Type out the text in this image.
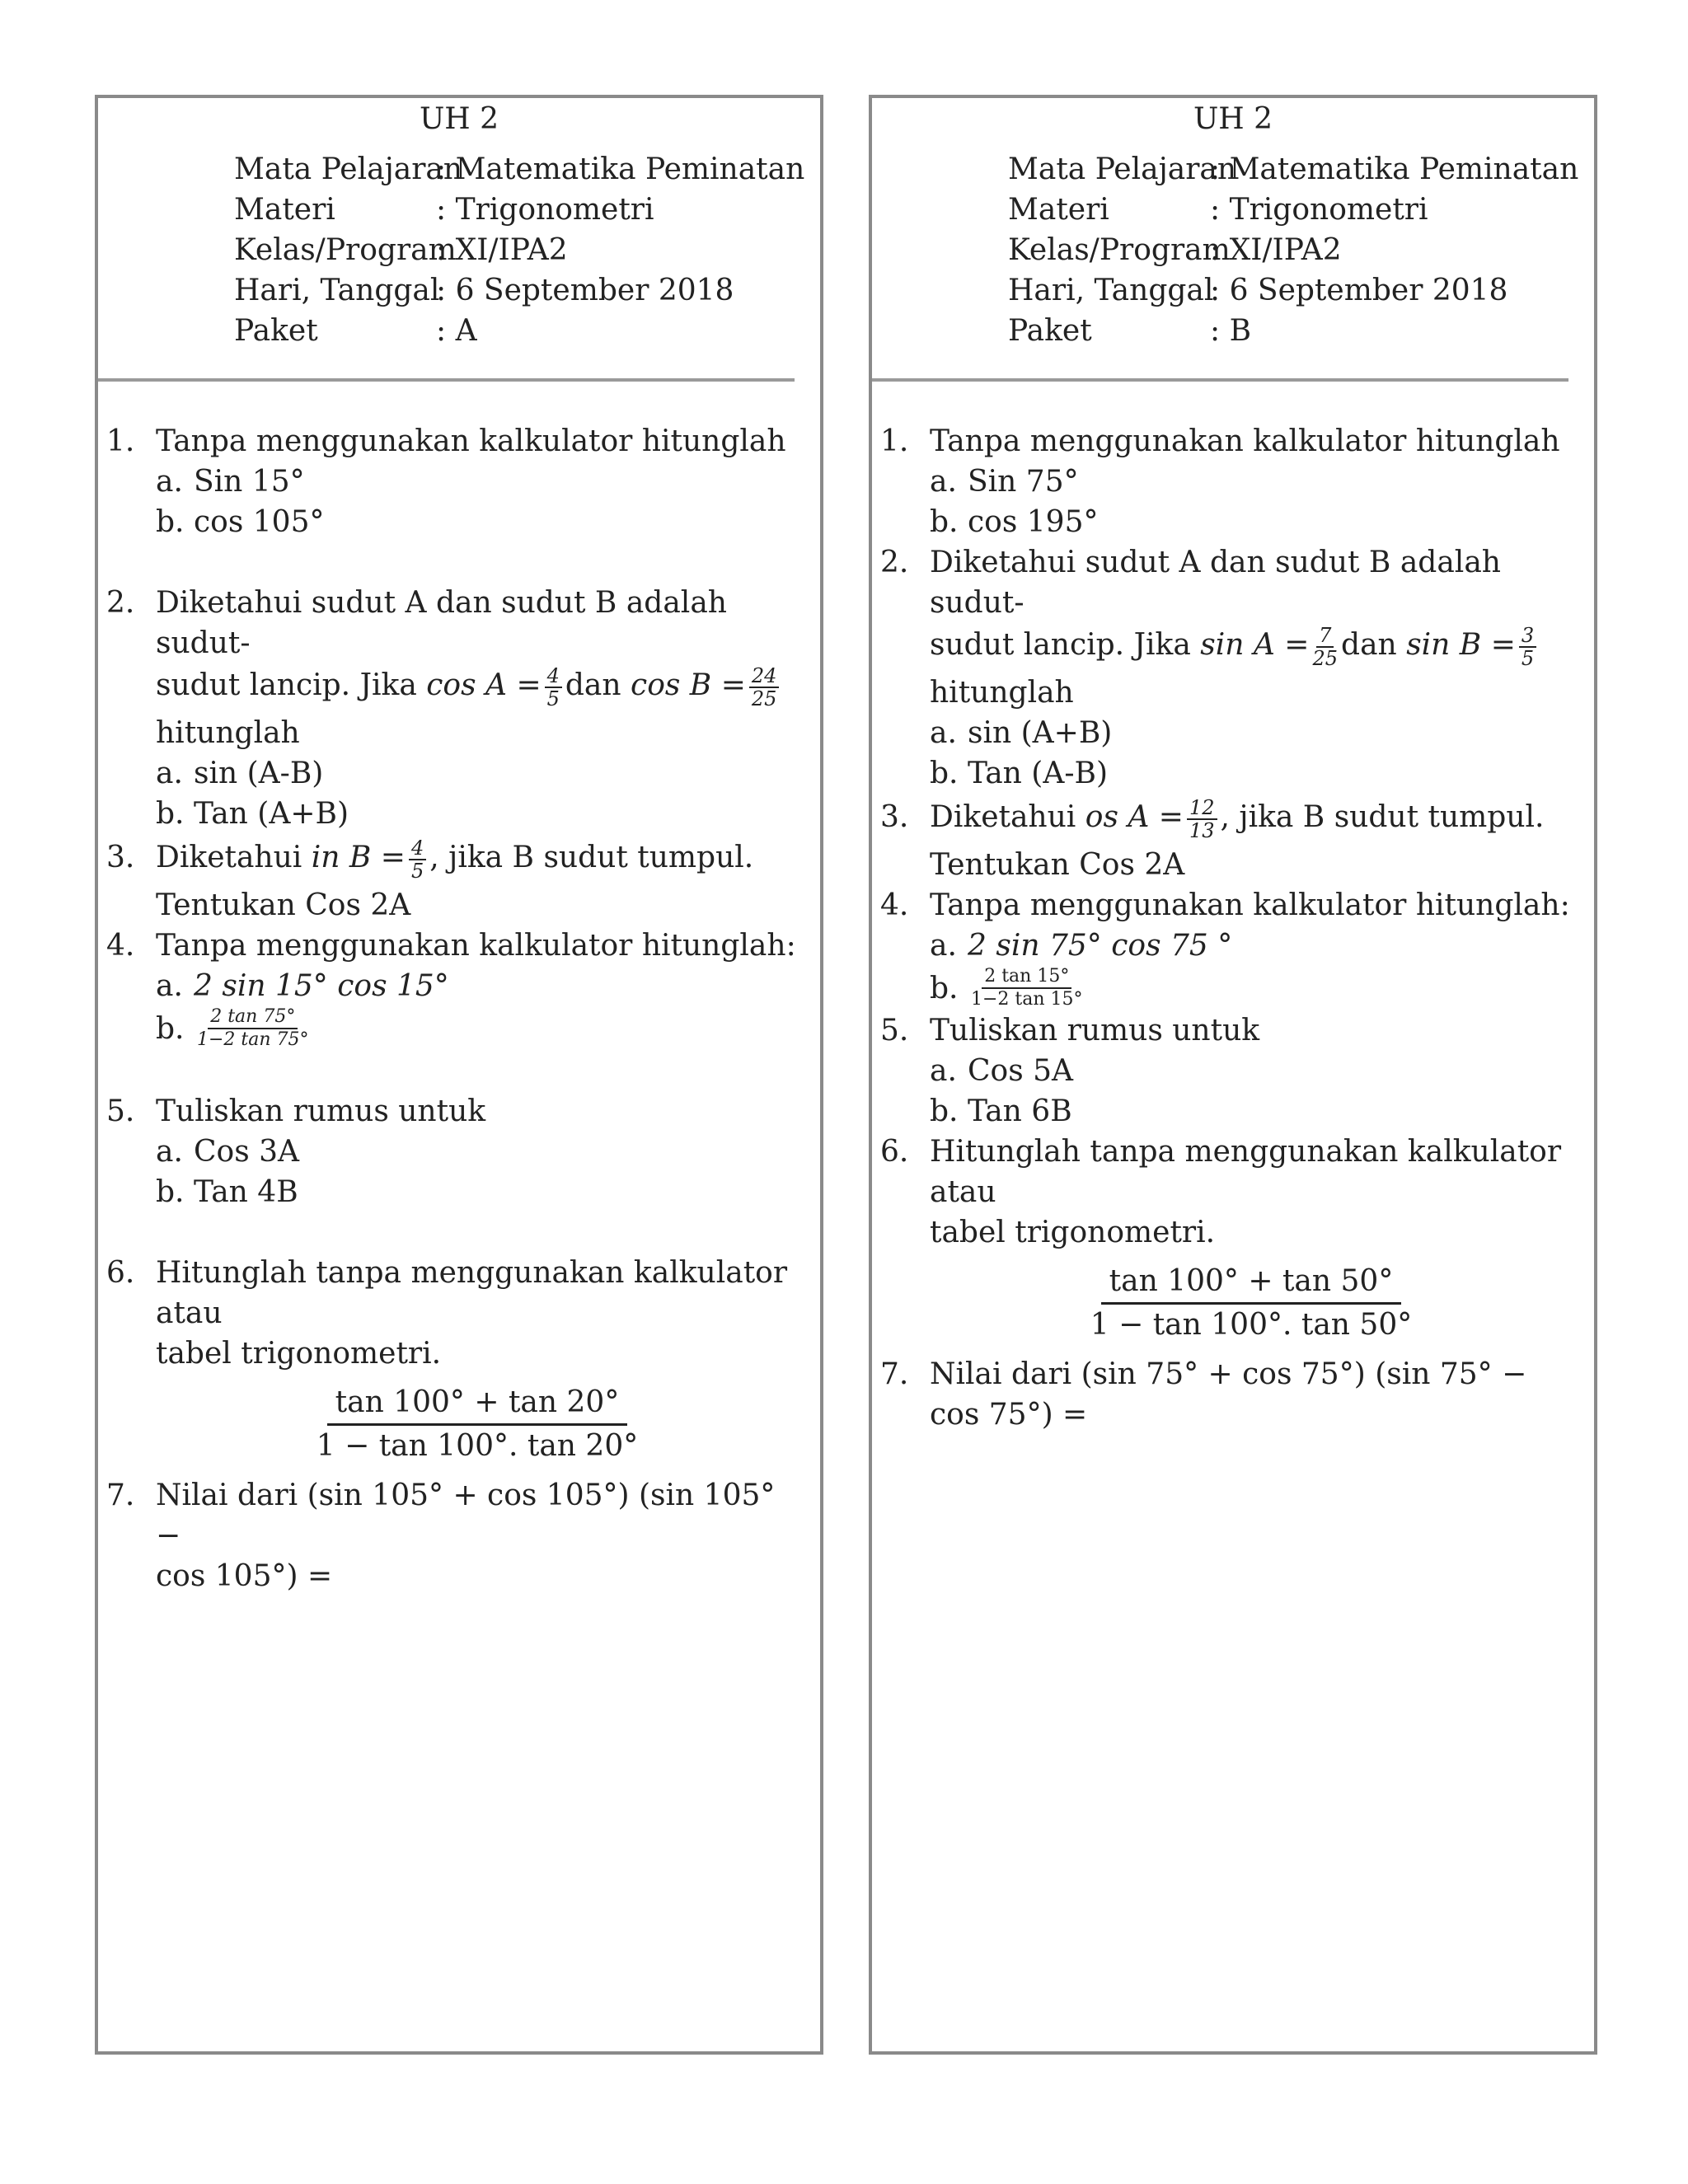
UH 2
Mata Pelajaran
: Matematika Peminatan
Materi	: Trigonometri
Kelas/Program
: XI/IPA2
Hari, Tanggal
: 6 September 2018
Paket	: A
1. Tanpa menggunakan kalkulator hitunglah
a. Sin 15°
b. cos 105°
2. Diketahui sudut A dan sudut B adalah sudut-
sudut lancip. Jika $\cos A = \frac{4}{5}$ dan $\cos B = \frac{24}{25}$
hitunglah
a. sin (A-B)
b. Tan (A+B)
3. Diketahui in $B = \frac{4}{5}$ , jika B sudut tumpul.
Tentukan Cos 2A
4. Tanpa menggunakan kalkulator hitunglah:
a. 2 sin 15° cos 15°
b. $\frac{2 \tan 75^\circ}{1-2 \tan 75^\circ}$
5. Tuliskan rumus untuk
a. Cos 3A
b. Tan 4B
6. Hitunglah tanpa menggunakan kalkulator atau
tabel trigonometri.
$\frac{\tan 100^\circ + \tan 20^\circ}{1 - \tan 100^\circ. \tan 20^\circ}$
7. Nilai dari (sin 105° + cos 105°) (sin 105° −
cos 105°) =
UH 2
Mata Pelajaran
: Matematika Peminatan
Materi	: Trigonometri
Kelas/Program
: XI/IPA2
Hari, Tanggal
: 6 September 2018
Paket	: B
1. Tanpa menggunakan kalkulator hitunglah
a. Sin 75°
b. cos 195°
2. Diketahui sudut A dan sudut B adalah sudut-
sudut lancip. Jika $\sin A = \frac{7}{25}$ dan $\sin B = \frac{3}{5}$
hitunglah
a. sin (A+B)
b. Tan (A-B)
3. Diketahui os $A = \frac{12}{13}$ , jika B sudut tumpul.
Tentukan Cos 2A
4. Tanpa menggunakan kalkulator hitunglah:
a. 2 sin 75° cos 75 °
b. $\frac{2 \tan 15^\circ}{1-2 \tan 15^\circ}$
5. Tuliskan rumus untuk
a. Cos 5A
b. Tan 6B
6. Hitunglah tanpa menggunakan kalkulator atau
tabel trigonometri.
$\frac{\tan 100^\circ + \tan 50^\circ}{1 - \tan 100^\circ. \tan 50^\circ}$
7. Nilai dari (sin 75° + cos 75°) (sin 75° − cos 75°) =
